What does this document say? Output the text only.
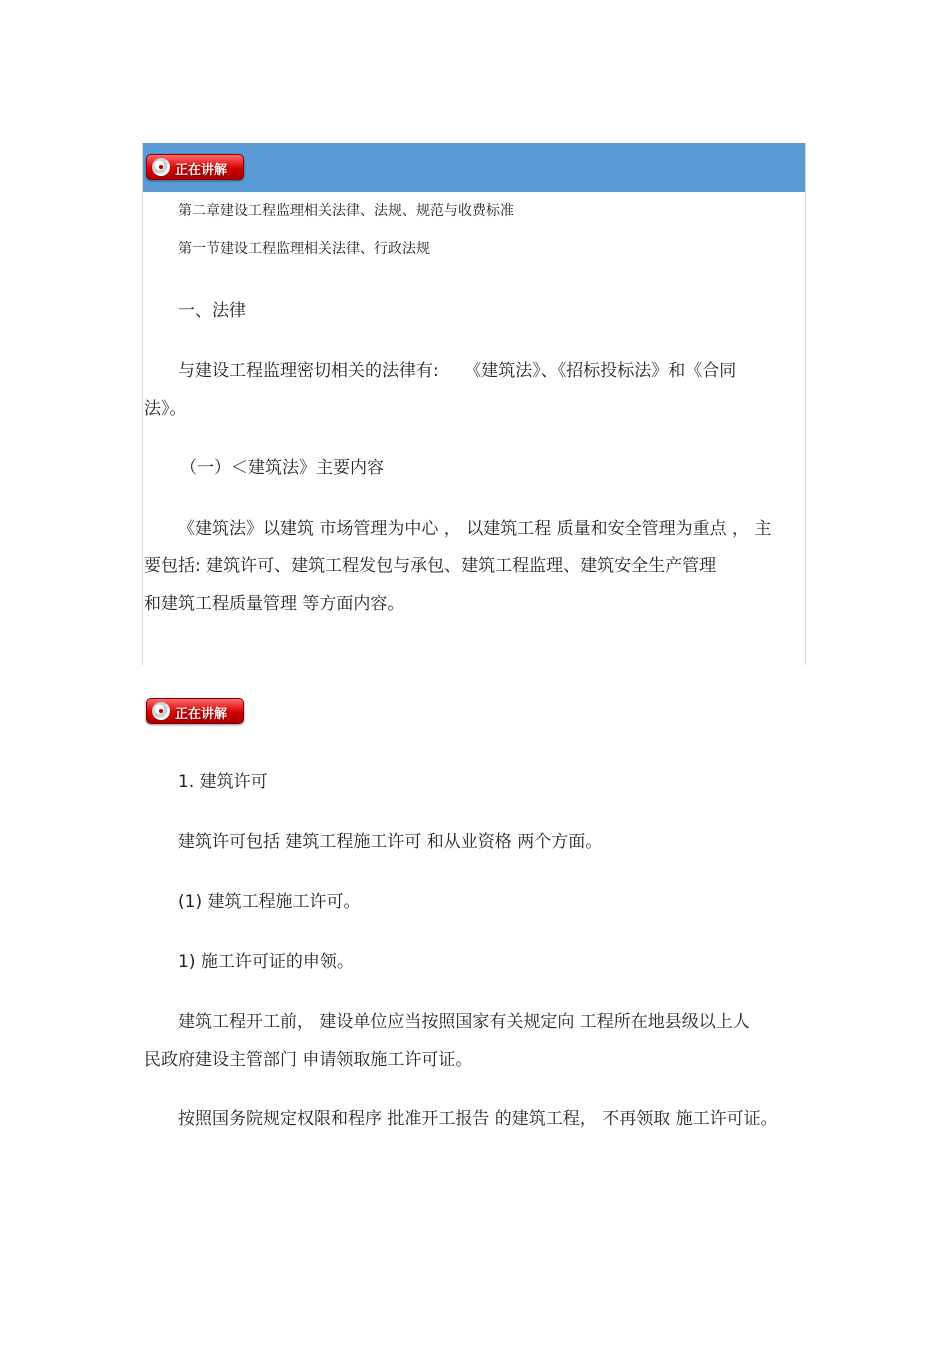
正在讲解
第二章建设工程监理相关法律、法规、规范与收费标准
第一节建设工程监理相关法律、行政法规
一、法律
与建设工程监理密切相关的法律有:　　《建筑法》、《招标投标法》和《合同
法》。
（一）＜建筑法》主要内容
《建筑法》以建筑 市场管理为中心 ， 以建筑工程 质量和安全管理为重点 ， 主
要包括: 建筑许可、建筑工程发包与承包、建筑工程监理、建筑安全生产管理
和建筑工程质量管理 等方面内容。
正在讲解
1. 建筑许可
建筑许可包括 建筑工程施工许可 和从业资格 两个方面。
(1) 建筑工程施工许可。
1) 施工许可证的申领。
建筑工程开工前， 建设单位应当按照国家有关规定向 工程所在地县级以上人
民政府建设主管部门 申请领取施工许可证。
按照国务院规定权限和程序 批准开工报告 的建筑工程， 不再领取 施工许可证。
